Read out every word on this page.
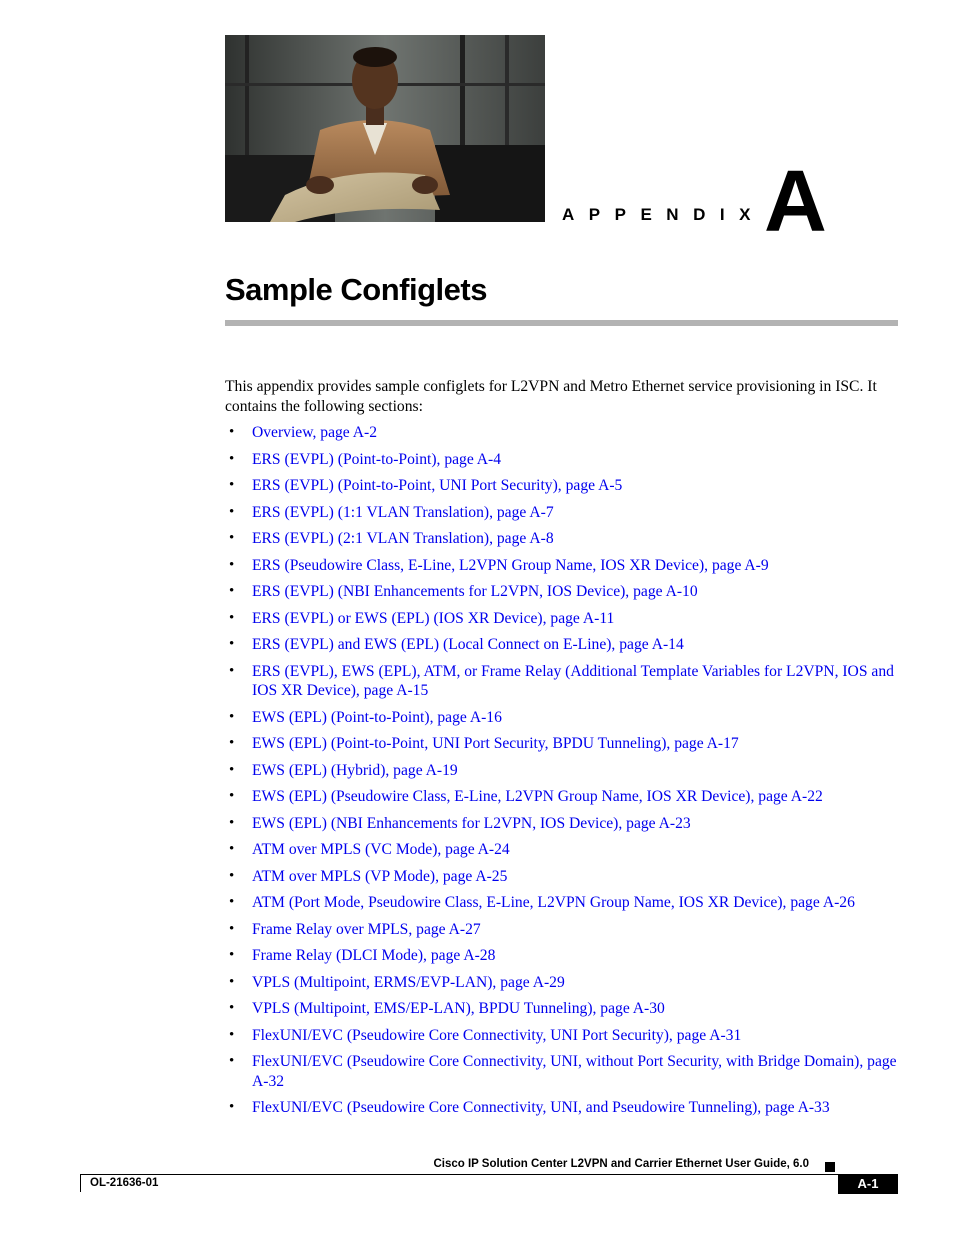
APPENDIX A
Sample Configlets

This appendix provides sample configlets for L2VPN and Metro Ethernet service provisioning in ISC. It contains the following sections:

• Overview, page A-2
• ERS (EVPL) (Point-to-Point), page A-4
• ERS (EVPL) (Point-to-Point, UNI Port Security), page A-5
• ERS (EVPL) (1:1 VLAN Translation), page A-7
• ERS (EVPL) (2:1 VLAN Translation), page A-8
• ERS (Pseudowire Class, E-Line, L2VPN Group Name, IOS XR Device), page A-9
• ERS (EVPL) (NBI Enhancements for L2VPN, IOS Device), page A-10
• ERS (EVPL) or EWS (EPL) (IOS XR Device), page A-11
• ERS (EVPL) and EWS (EPL) (Local Connect on E-Line), page A-14
• ERS (EVPL), EWS (EPL), ATM, or Frame Relay (Additional Template Variables for L2VPN, IOS and IOS XR Device), page A-15
• EWS (EPL) (Point-to-Point), page A-16
• EWS (EPL) (Point-to-Point, UNI Port Security, BPDU Tunneling), page A-17
• EWS (EPL) (Hybrid), page A-19
• EWS (EPL) (Pseudowire Class, E-Line, L2VPN Group Name, IOS XR Device), page A-22
• EWS (EPL) (NBI Enhancements for L2VPN, IOS Device), page A-23
• ATM over MPLS (VC Mode), page A-24
• ATM over MPLS (VP Mode), page A-25
• ATM (Port Mode, Pseudowire Class, E-Line, L2VPN Group Name, IOS XR Device), page A-26
• Frame Relay over MPLS, page A-27
• Frame Relay (DLCI Mode), page A-28
• VPLS (Multipoint, ERMS/EVP-LAN), page A-29
• VPLS (Multipoint, EMS/EP-LAN), BPDU Tunneling), page A-30
• FlexUNI/EVC (Pseudowire Core Connectivity, UNI Port Security), page A-31
• FlexUNI/EVC (Pseudowire Core Connectivity, UNI, without Port Security, with Bridge Domain), page A-32
• FlexUNI/EVC (Pseudowire Core Connectivity, UNI, and Pseudowire Tunneling), page A-33
Cisco IP Solution Center L2VPN and Carrier Ethernet User Guide, 6.0
OL-21636-01	A-1
